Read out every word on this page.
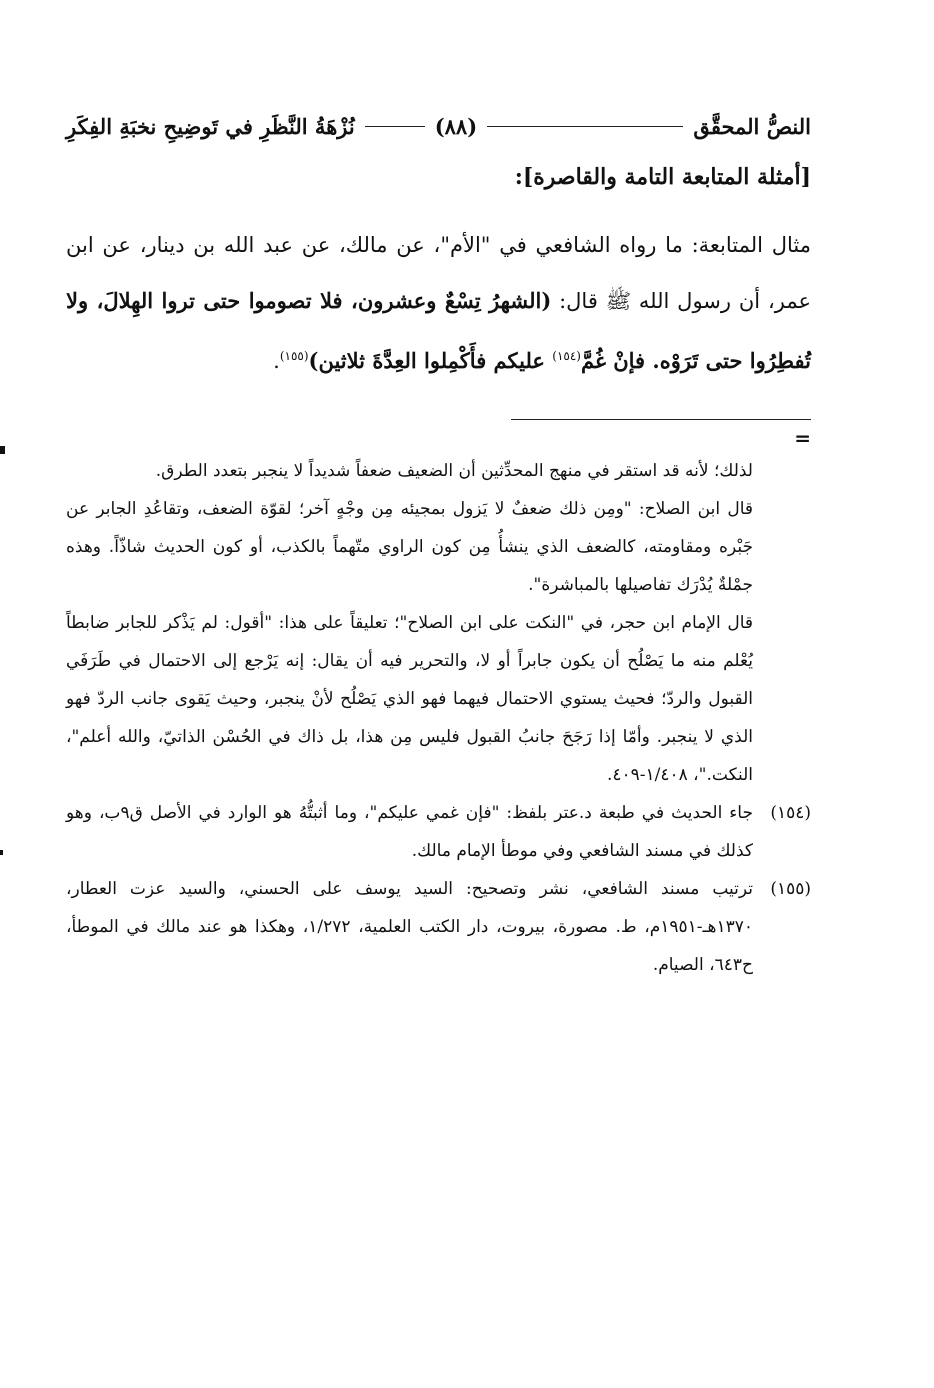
النصُّ المحقَّق
(٨٨)
نُزْهَةُ النَّظَرِ في تَوضِيحِ نخبَةِ الفِكَرِ
[أمثلة المتابعة التامة والقاصرة]:
مثال المتابعة: ما رواه الشافعي في "الأم"، عن مالك، عن عبد الله بن دينار، عن ابن عمر، أن رسول الله ﷺ قال: (الشهرُ تِسْعٌ وعشرون، فلا تصوموا حتى تروا الهِلالَ، ولا تُفطِرُوا حتى تَرَوْه. فإنْ غُمَّ$^{(١٥٤)}$ عليكم فأَكْمِلوا العِدَّةَ ثلاثين)$^{(١٥٥)}$.
=

لذلك؛ لأنه قد استقر في منهج المحدِّثين أن الضعيف ضعفاً شديداً لا ينجبر بتعدد الطرق.

قال ابن الصلاح: "ومِن ذلك ضعفٌ لا يَزول بمجيئه مِن وجْهٍ آخر؛ لقوّة الضعف، وتقاعُدِ الجابر عن جَبْره ومقاومته، كالضعف الذي ينشأُ مِن كون الراوي متّهماً بالكذب، أو كون الحديث شاذّاً. وهذه جمْلةٌ يُدْرَك تفاصيلها بالمباشرة".

قال الإمام ابن حجر، في "النكت على ابن الصلاح"؛ تعليقاً على هذا: "أقول: لم يَذْكر للجابر ضابطاً يُعْلم منه ما يَصْلُح أن يكون جابراً أو لا، والتحرير فيه أن يقال: إنه يَرْجع إلى الاحتمال في طَرَفَي القبول والردّ؛ فحيث يستوي الاحتمال فيهما فهو الذي يَصْلُح لأنْ ينجبر، وحيث يَقوى جانب الردّ فهو الذي لا ينجبر. وأمّا إذا رَجَحَ جانبُ القبول فليس مِن هذا، بل ذاك في الحُسْن الذاتيّ، والله أعلم"، النكت."، ١/٤٠٨-٤٠٩.

(١٥٤)

جاء الحديث في طبعة د.عتر بلفظ: "فإن غمي عليكم"، وما أثبتُّهُ هو الوارد في الأصل ق٩ب، وهو كذلك في مسند الشافعي وفي موطأ الإمام مالك.

(١٥٥)

ترتيب مسند الشافعي، نشر وتصحيح: السيد يوسف على الحسني، والسيد عزت العطار، ١٣٧٠هـ-١٩٥١م، ط. مصورة، بيروت، دار الكتب العلمية، ١/٢٧٢، وهكذا هو عند مالك في الموطأ، ح٦٤٣، الصيام.
